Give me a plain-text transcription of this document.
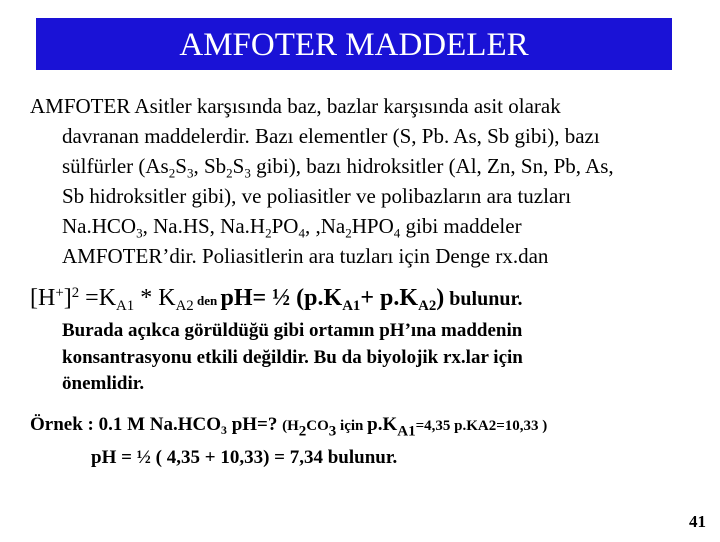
AMFOTER MADDELER
AMFOTER Asitler karşısında baz, bazlar karşısında asit olarak
davranan maddelerdir. Bazı elementler (S, Pb. As, Sb gibi), bazı
sülfürler ($As_2S_3$, $Sb_2S_3$ gibi), bazı hidroksitler (Al, Zn, Sn, Pb, As,
Sb hidroksitler gibi), ve poliasitler ve polibazların ara tuzları
$Na.HCO_3$, Na.HS, $Na.H_2PO_4$, $,Na_2HPO_4$ gibi maddeler
AMFOTER’dir. Poliasitlerin ara tuzları için Denge rx.dan
$[H^+]^2 =K_{A1} * K_{A2}$ den pH= ½ $(p.K_{A1}+ p.K_{A2})$ bulunur.
Burada açıkca görüldüğü gibi ortamın pH’ına maddenin
konsantrasyonu etkili değildir. Bu da biyolojik rx.lar için
önemlidir.
Örnek : 0.1 M $Na.HCO_3$ pH=? ($H_2CO_3$ için $p.K_{A1}=4,35$ p.KA2=10,33 )
pH = ½ ( 4,35 + 10,33) = 7,34 bulunur.
41
